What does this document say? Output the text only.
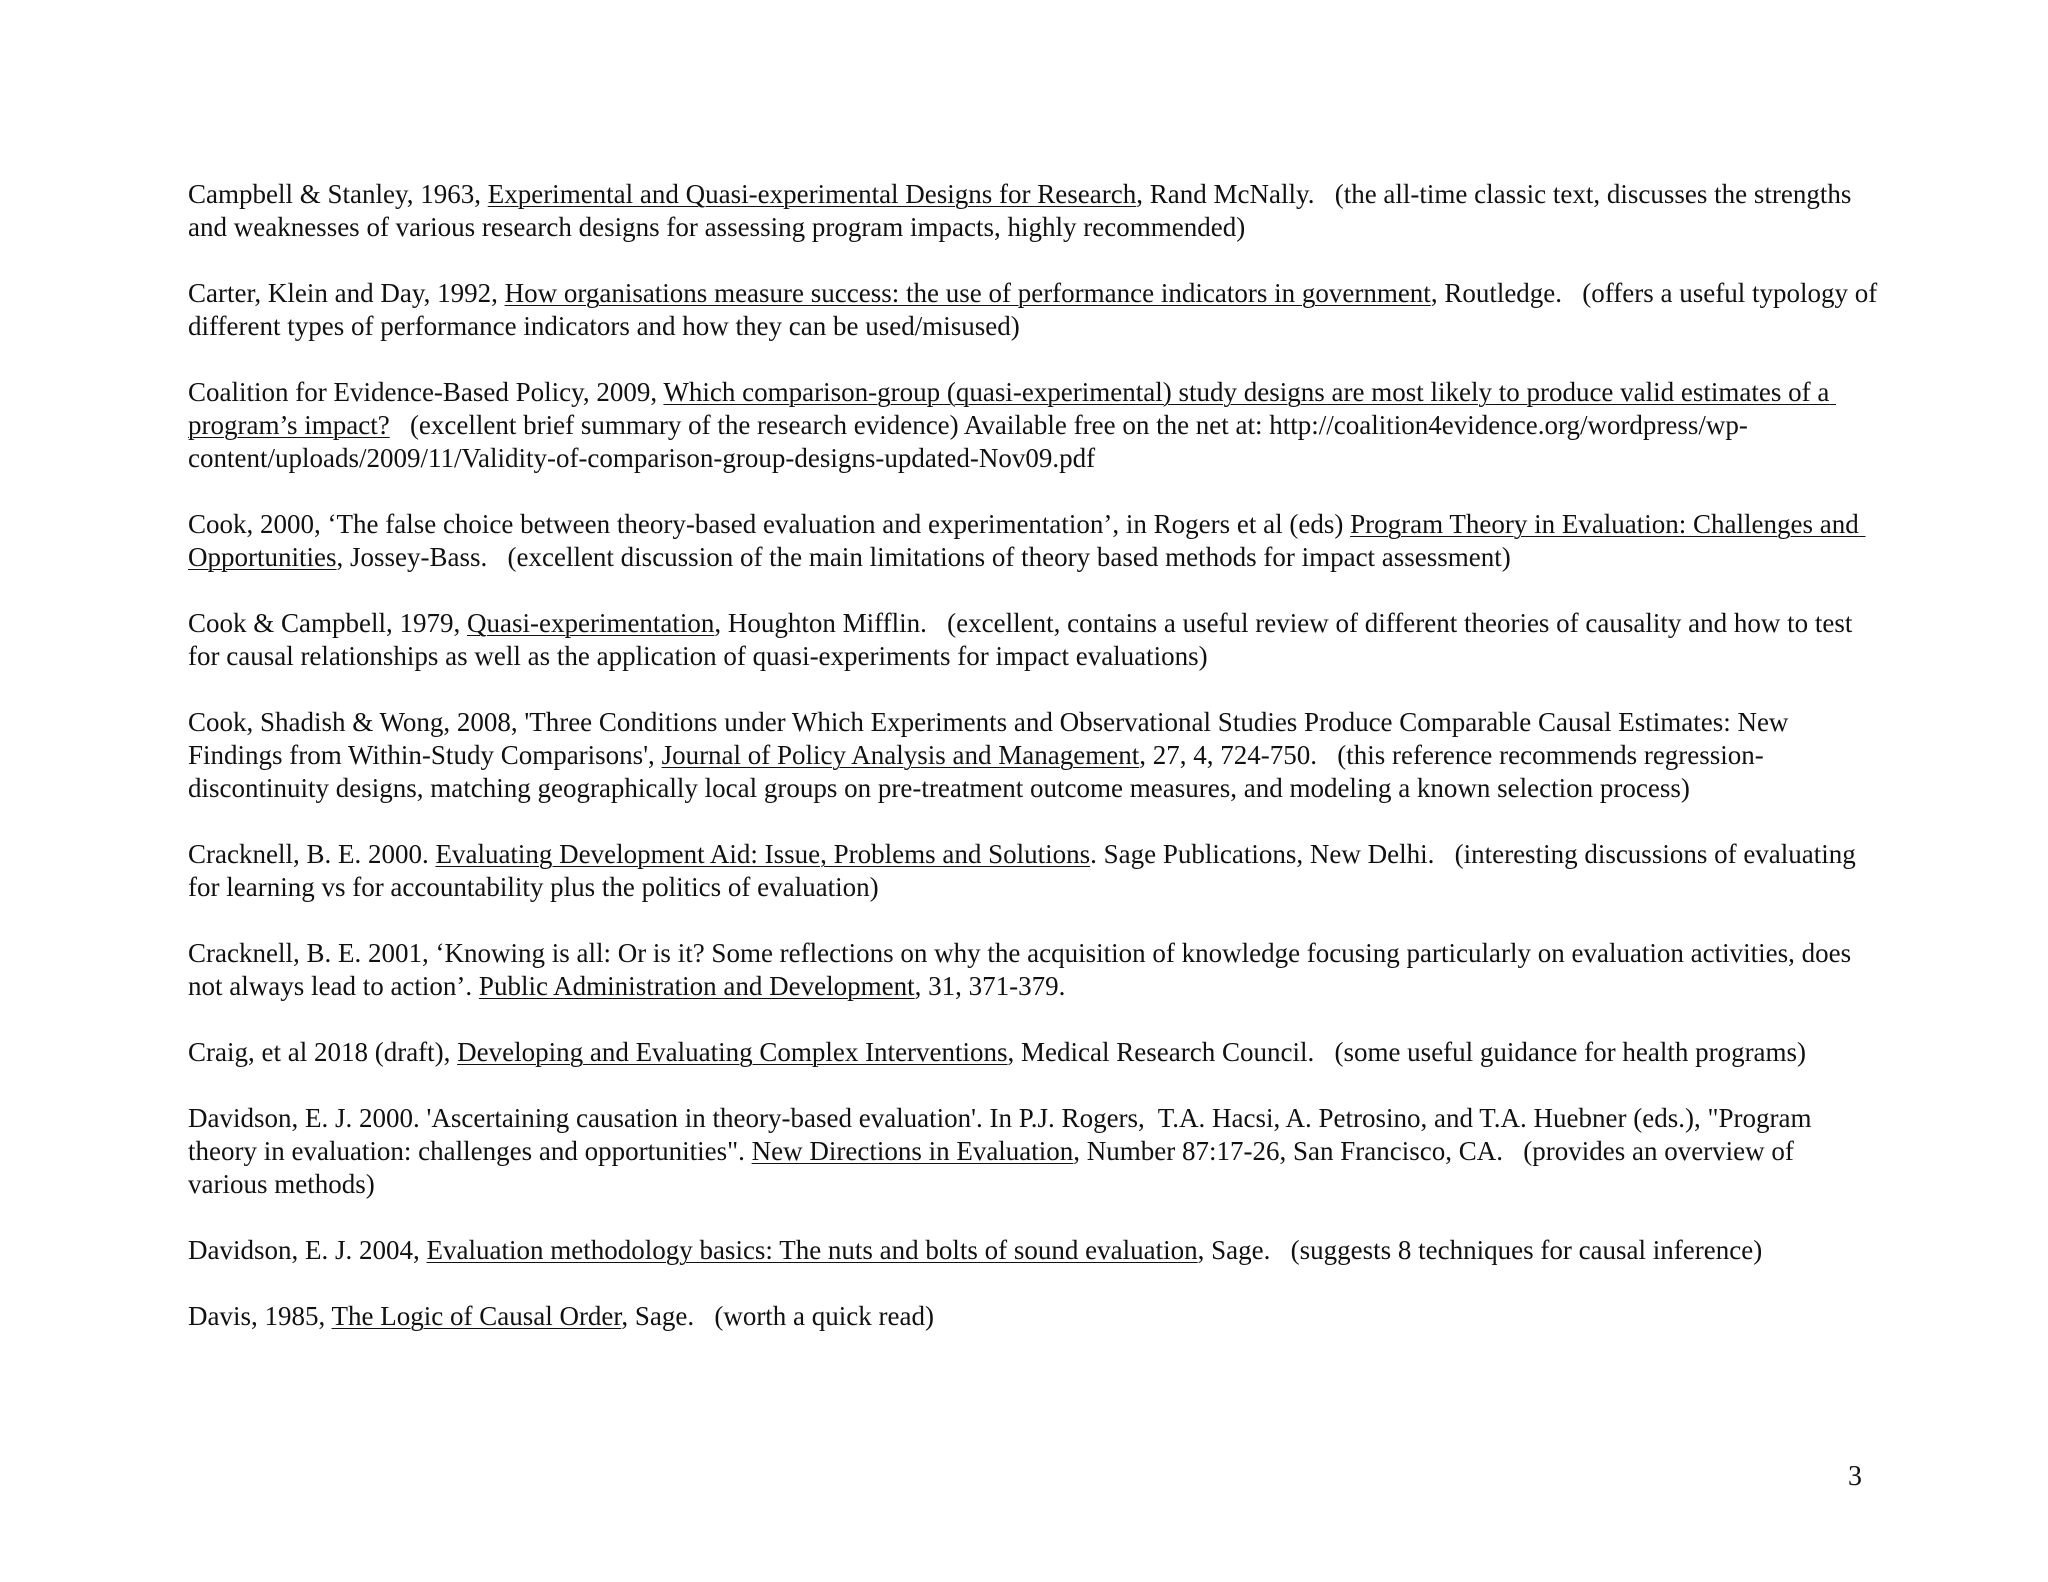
Campbell & Stanley, 1963, Experimental and Quasi-experimental Designs for Research, Rand McNally.   (the all-time classic text, discusses the strengths and weaknesses of various research designs for assessing program impacts, highly recommended)

Carter, Klein and Day, 1992, How organisations measure success: the use of performance indicators in government, Routledge.   (offers a useful typology of different types of performance indicators and how they can be used/misused)

Coalition for Evidence-Based Policy, 2009, Which comparison-group (quasi-experimental) study designs are most likely to produce valid estimates of a program’s impact?   (excellent brief summary of the research evidence) Available free on the net at: http://coalition4evidence.org/wordpress/wp-content/uploads/2009/11/Validity-of-comparison-group-designs-updated-Nov09.pdf

Cook, 2000, ‘The false choice between theory-based evaluation and experimentation’, in Rogers et al (eds) Program Theory in Evaluation: Challenges and Opportunities, Jossey-Bass.   (excellent discussion of the main limitations of theory based methods for impact assessment)

Cook & Campbell, 1979, Quasi-experimentation, Houghton Mifflin.   (excellent, contains a useful review of different theories of causality and how to test for causal relationships as well as the application of quasi-experiments for impact evaluations)

Cook, Shadish & Wong, 2008, 'Three Conditions under Which Experiments and Observational Studies Produce Comparable Causal Estimates: New Findings from Within-Study Comparisons', Journal of Policy Analysis and Management, 27, 4, 724-750.   (this reference recommends regression-discontinuity designs, matching geographically local groups on pre-treatment outcome measures, and modeling a known selection process)

Cracknell, B. E. 2000. Evaluating Development Aid: Issue, Problems and Solutions. Sage Publications, New Delhi.   (interesting discussions of evaluating for learning vs for accountability plus the politics of evaluation)

Cracknell, B. E. 2001, ‘Knowing is all: Or is it? Some reflections on why the acquisition of knowledge focusing particularly on evaluation activities, does not always lead to action’. Public Administration and Development, 31, 371-379.

Craig, et al 2018 (draft), Developing and Evaluating Complex Interventions, Medical Research Council.   (some useful guidance for health programs)

Davidson, E. J. 2000. 'Ascertaining causation in theory-based evaluation'. In P.J. Rogers,  T.A. Hacsi, A. Petrosino, and T.A. Huebner (eds.), "Program theory in evaluation: challenges and opportunities". New Directions in Evaluation, Number 87:17-26, San Francisco, CA.   (provides an overview of various methods)

Davidson, E. J. 2004, Evaluation methodology basics: The nuts and bolts of sound evaluation, Sage.   (suggests 8 techniques for causal inference)

Davis, 1985, The Logic of Causal Order, Sage.   (worth a quick read)

3
